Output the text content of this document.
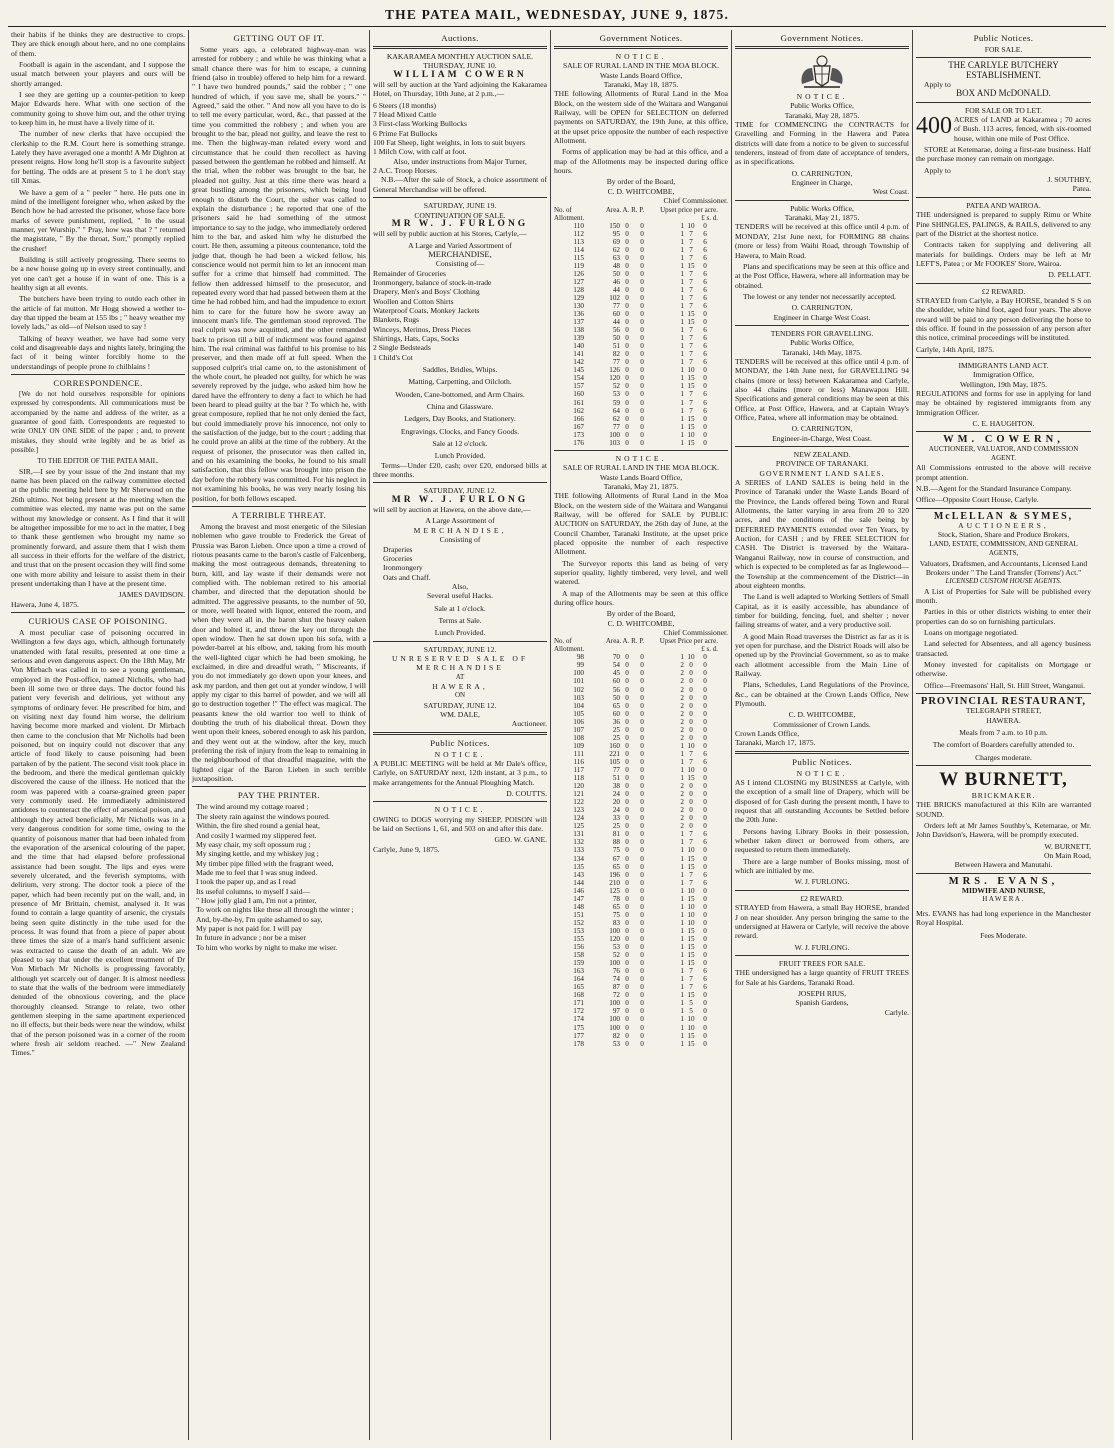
THE PATEA MAIL, WEDNESDAY, JUNE 9, 1875.

their habits if he thinks they are destructive to crops. They are thick enough about here, and no one complains of them.

Football is again in the ascendant, and I suppose the usual match between your players and ours will be shortly arranged.

I see they are getting up a counter-petition to keep Major Edwards here. What with one section of the community going to shove him out, and the other trying to keep him in, he must have a lively time of it.

The number of new clerks that have occupied the clerkship to the R.M. Court here is something strange. Lately they have averaged one a month! A Mr Dighton at present reigns. How long he'll stop is a favourite subject for betting. The odds are at present 5 to 1 he don't stay till Xmas.

We have a gem of a " peeler " here. He puts one in mind of the intelligent foreigner who, when asked by the Bench how he had arrested the prisoner, whose face bore marks of severe punishment, replied, " In the usual manner, yer Wurship." " Pray, how was that ? " returned the magistrate, " By the throat, Sorr," promptly replied the crusher!

Building is still actively progressing. There seems to be a new house going up in every street continually, and yet one can't get a house if in want of one. This is a healthy sign at all events.

The butchers have been trying to outdo each other in the article of fat mutton. Mr Hogg showed a wether to-day that tipped the beam at 155 lbs ; " heavy weather my lovely lads," as old—of Nelson used to say !

Talking of heavy weather, we have had some very cold and disagreeable days and nights lately, bringing the fact of it being winter forcibly home to the understandings of people prone to chilblains !

CORRESPONDENCE.

[We do not hold ourselves responsible for opinions expressed by correspondents. All communications must be accompanied by the name and address of the writer, as a guarantee of good faith. Correspondents are requested to write ONLY ON ONE SIDE of the paper ; and, to prevent mistakes, they should write legibly and be as brief as possible.]

TO THE EDITOR OF THE PATEA MAIL.

SIR,—I see by your issue of the 2nd instant that my name has been placed on the railway committee elected at the public meeting held here by Mr Sherwood on the 26th ultimo. Not being present at the meeting when the committee was elected, my name was put on the same without my knowledge or consent. As I find that it will be altogether impossible for me to act in the matter, I beg to thank these gentlemen who brought my name so prominently forward, and assure them that I wish them all success in their efforts for the welfare of the district, and trust that on the present occasion they will find some one with more ability and leisure to assist them in their present undertaking than I have at the present time.

JAMES DAVIDSON.
Hawera, June 4, 1875.
CURIOUS CASE OF POISONING.

A most peculiar case of poisoning occurred in Wellington a few days ago, which, although fortunately unattended with fatal results, presented at one time a serious and even dangerous aspect. On the 18th May, Mr Von Mirbach was called in to see a young gentleman, employed in the Post-office, named Nicholls, who had been ill some two or three days. The doctor found his patient very feverish and delirious, yet without any symptoms of ordinary fever. He prescribed for him, and on visiting next day found him worse, the delirium having become more marked and violent. Dr Mirbach then came to the conclusion that Mr Nicholls had been poisoned, but on inquiry could not discover that any article of food likely to cause poisoning had been partaken of by the patient. The second visit took place in the bedroom, and there the medical gentleman quickly discovered the cause of the illness. He noticed that the room was papered with a coarse-grained green paper very commonly used. He immediately administered antidotes to counteract the effect of arsenical poison, and although they acted beneficially, Mr Nicholls was in a very dangerous condition for some time, owing to the quantity of poisonous matter that had been inhaled from the evaporation of the arsenical colouring of the paper, and the time that had elapsed before professional assistance had been sought. The lips and eyes were severely ulcerated, and the feverish symptoms, with delirium, very strong. The doctor took a piece of the paper, which had been recently put on the wall, and, in presence of Mr Brittain, chemist, analysed it. It was found to contain a large quantity of arsenic, the crystals being seen quite distinctly in the tube used for the process. It was found that from a piece of paper about three times the size of a man's hand sufficient arsenic was extracted to cause the death of an adult. We are pleased to say that under the excellent treatment of Dr Von Mirbach Mr Nicholls is progressing favorably, although yet scarcely out of danger. It is almost needless to state that the walls of the bedroom were immediately denuded of the obnoxious covering, and the place thoroughly cleansed. Strange to relate, two other gentlemen sleeping in the same apartment experienced no ill effects, but their beds were near the window, whilst that of the person poisoned was in a corner of the room where fresh air seldom reached. —" New Zealand Times."

GETTING OUT OF IT.

Some years ago, a celebrated highway-man was arrested for robbery ; and while he was thinking what a small chance there was for him to escape, a cunning friend (also in trouble) offered to help him for a reward. " I have two hundred pounds," said the robber ; " one hundred of which, if you save me, shall be yours." " Agreed," said the other. " And now all you have to do is to tell me every particular, word, &c., that passed at the time you committed the robbery ; and when you are brought to the bar, plead not guilty, and leave the rest to me. Then the highway-man related every word and circumstance that he could then recollect as having passed between the gentleman he robbed and himself. At the trial, when the robber was brought to the bar, he pleaded not guilty. Just at this time there was heard a great bustling among the prisoners, which being loud enough to disturb the Court, the usher was called to explain the disturbance ; he reported that one of the prisoners said he had something of the utmost importance to say to the judge, who immediately ordered him to the bar, and asked him why he disturbed the court. He then, assuming a piteous countenance, told the judge that, though he had been a wicked fellow, his conscience would not permit him to let an innocent man suffer for a crime that himself had committed. The fellow then addressed himself to the prosecutor, and repeated every word that had passed between them at the time he had robbed him, and had the impudence to extort him to care for the future how he swore away an innocent man's life. The gentleman stood reproved. The real culprit was now acquitted, and the other remanded back to prison till a bill of indictment was found against him. The real criminal was faithful to his promise to his preserver, and then made off at full speed. When the supposed culprit's trial came on, to the astonishment of the whole court, he pleaded not guilty, for which he was severely reproved by the judge, who asked him how he dared have the effrontery to deny a fact to which he had been heard to plead guilty at the bar ? To which he, with great composure, replied that he not only denied the fact, but could immediately prove his innocence, not only to the satisfaction of the judge, but to the court ; adding that he could prove an alibi at the time of the robbery. At the request of prisoner, the prosecutor was then called in, and on his examining the books, he found to his small satisfaction, that this fellow was brought into prison the day before the robbery was committed. For his neglect in not examining his books, he was very nearly losing his position, for both fellows escaped.

A TERRIBLE THREAT.

Among the bravest and most energetic of the Silesian noblemen who gave trouble to Frederick the Great of Prussia was Baron Lieben. Once upon a time a crowd of riotous peasants came to the baron's castle of Falcenberg, making the most outrageous demands, threatening to burn, kill, and lay waste if their demands were not complied with. The nobleman retired to his amorial chamber, and directed that the deputation should be admitted. The aggressive peasants, to the number of 50, or more, well heated with liquor, entered the room, and when they were all in, the baron shut the heavy oaken door and bolted it, and threw the key out through the open window. Then he sat down upon his sofa, with a powder-barrel at his elbow, and, taking from his mouth the well-lighted cigar which he had been smoking, he exclaimed, in dire and dreadful wrath, " Miscreants, if you do not immediately go down upon your knees, and ask my pardon, and then get out at yonder window, I will apply my cigar to this barrel of powder, and we will all go to destruction together !" The effect was magical. The peasants knew the old warrior too well to think of doubting the truth of his diabolical threat. Down they went upon their knees, sobered enough to ask his pardon, and they went out at the window, after the key, much preferring the risk of injury from the leap to remaining in the neighbourhood of that dreadful magazine, with the lighted cigar of the Baron Lieben in such terrible juxtaposition.

PAY THE PRINTER.

The wind around my cottage roared ;

The sleety rain against the windows poured.

Within, the fire shed round a genial heat,

And cosily I warmed my slippered feet.

My easy chair, my soft opossum rug ;

My singing kettle, and my whiskey jug ;

My timber pipe filled with the fragrant weed,

Made me to feel that I was snug indeed.

I took the paper up, and as I read

Its useful columns, to myself I said—

" How jolly glad I am, I'm not a printer,

To work on nights like these all through the winter ;

And, by-the-by, I'm quite ashamed to say,

My paper is not paid for. I will pay

In future in advance ; nor be a miser

To him who works by night to make me wiser.

Auctions.
KAKARAMEA MONTHLY AUCTION SALE.
THURSDAY, JUNE 10.
WILLIAM COWERN

will sell by auction at the Yard adjoining the Kakaramea Hotel, on Thursday, 10th June, at 2 p.m.,—

6 Steers (18 months)
7 Head Mixed Cattle
3 First-class Working Bullocks
6 Prime Fat Bullocks
100 Fat Sheep, light weights, in lots to suit buyers
1 Milch Cow, with calf at foot.
Also, under instructions from Major Turner,
2 A.C. Troop Horses.

N.B.—After the sale of Stock, a choice assortment of General Merchandise will be offered.

SATURDAY, JUNE 19.
CONTINUATION OF SALE.
MR W. J. FURLONG

will sell by public auction at his Stores, Carlyle,—

A Large and Varied Assortment of
MERCHANDISE,
Consisting of—
Remainder of Groceries
Ironmongery, balance of stock-in-trade
Drapery, Men's and Boys' Clothing
Woollen and Cotton Shirts
Waterproof Coats, Monkey Jackets
Blankets, Rugs
Winceys, Merinos, Dress Pieces
Shirtings, Hats, Caps, Socks
2 Single Bedsteads
1 Child's Cot
Saddles, Bridles, Whips.
Matting, Carpetting, and Oilcloth.
Wooden, Cane-bottomed, and Arm Chairs.
China and Glassware.
Ledgers, Day Books, and Stationery.
Engravings, Clocks, and Fancy Goods.
Sale at 12 o'clock.
Lunch Provided.

Terms—Under £20, cash; over £20, endorsed bills at three months.

SATURDAY, JUNE 12.
MR W. J. FURLONG

will sell by auction at Hawera, on the above date,—

A Large Assortment of
MERCHANDISE,
Consisting of
Draperies
Groceries
Ironmongery
Oats and Chaff.
Also,
Several useful Hacks.
Sale at 1 o'clock.
Terms at Sale.
Lunch Provided.
SATURDAY, JUNE 12.
UNRESERVED SALE OF
MERCHANDISE
AT
HAWERA,
ON
SATURDAY, JUNE 12.
WM. DALE,
Auctioneer.
Public Notices.
NOTICE.

A PUBLIC MEETING will be held at Mr Dale's office, Carlyle, on SATURDAY next, 12th instant, at 3 p.m., to make arrangements for the Annual Ploughing Match.

D. COUTTS.
NOTICE.

OWING to DOGS worrying my SHEEP, POISON will be laid on Sections 1, 61, and 503 on and after this date.

GEO. W. GANE.
Carlyle, June 9, 1875.
Government Notices.
NOTICE.
SALE OF RURAL LAND IN THE MOA BLOCK.
Waste Lands Board Office,
Taranaki, May 18, 1875.

THE following Allotments of Rural Land in the Moa Block, on the western side of the Waitara and Wanganui Railway, will be OPEN for SELECTION on deferred payments on SATURDAY, the 19th June, at this office, at the upset price opposite the number of each respective Allotment.

Forms of application may be had at this office, and a map of the Allotments may be inspected during office hours.

By order of the Board,
C. D. WHITCOMBE,
Chief Commissioner.
No. of Allotment.
Area. A. R. P.	Upset price per acre. £ s. d.
110	150 0	0	1 10	0
112	95 0	0	1 7	6
113	69 0	0	1 7	6
114	62 0	0	1 7	6
115	63 0	0	1 7	6
119	48 0	0	1 15	0
126	50 0	0	1 7	6
127	46 0	0	1 7	6
128	44 0	0	1 7	6
129	102 0	0	1 7	6
130	77 0	0	1 7	6
136	60 0	0	1 15	0
137	44 0	0	1 15	0
138	56 0	0	1 7	6
139	50 0	0	1 7	6
140	51 0	0	1 7	6
141	82 0	0	1 7	6
142	77 0	0	1 7	6
145	126 0	0	1 10	0
154	120 0	0	1 15	0
157	52 0	0	1 15	0
160	53 0	0	1 7	6
161	59 0	0	1 7	6
162	64 0	0	1 7	6
166	62 0	0	1 15	0
167	77 0	0	1 15	0
173	100 0	0	1 10	0
176	103 0	0	1 15	0
NOTICE.
SALE OF RURAL LAND IN THE MOA BLOCK.
Waste Lands Board Office,
Taranaki, May 21, 1875.

THE following Allotments of Rural Land in the Moa Block, on the western side of the Waitara and Wanganui Railway, will be offered for SALE by PUBLIC AUCTION on SATURDAY, the 26th day of June, at the Council Chamber, Taranaki Institute, at the upset price placed opposite the number of each respective Allotment.

The Surveyor reports this land as being of very superior quality, lightly timbered, very level, and well watered.

A map of the Allotments may be seen at this office during office hours.

By order of the Board,
C. D. WHITCOMBE,
Chief Commissioner.
No. of Allotment.
Area. A. R. P.	Upset Price per acre. £ s. d.
98	70 0	0	1 10	0
99	54 0	0	2 0	0
100	45 0	0	2 0	0
101	60 0	0	2 0	0
102	56 0	0	2 0	0
103	50 0	0	2 0	0
104	65 0	0	2 0	0
105	60 0	0	2 0	0
106	36 0	0	2 0	0
107	25 0	0	2 0	0
108	25 0	0	2 0	0
109	160 0	0	1 10	0
111	221 0	0	1 7	6
116	105 0	0	1 7	6
117	77 0	0	1 10	0
118	51 0	0	1 15	0
120	38 0	0	2 0	0
121	24 0	0	2 0	0
122	20 0	0	2 0	0
123	24 0	0	2 0	0
124	33 0	0	2 0	0
125	25 0	0	2 0	0
131	81 0	0	1 7	6
132	88 0	0	1 7	6
133	75 0	0	1 10	0
134	67 0	0	1 15	0
135	65 0	0	1 15	0
143	196 0	0	1 7	6
144	210 0	0	1 7	6
146	125 0	0	1 10	0
147	78 0	0	1 15	0
148	65 0	0	1 10	0
151	75 0	0	1 10	0
152	83 0	0	1 10	0
153	100 0	0	1 15	0
155	120 0	0	1 15	0
156	53 0	0	1 15	0
158	52 0	0	1 15	0
159	100 0	0	1 15	0
163	76 0	0	1 7	6
164	74 0	0	1 7	6
165	87 0	0	1 7	6
168	72 0	0	1 15	0
171	100 0	0	1 5	0
172	97 0	0	1 5	0
174	100 0	0	1 10	0
175	100 0	0	1 10	0
177	82 0	0	1 15	0
178	53 0	0	1 15	0
Government Notices.
NOTICE.
Public Works Office,
Taranaki, May 28, 1875.

TIME for COMMENCING the CONTRACTS for Gravelling and Forming in the Hawera and Patea districts will date from a notice to be given to successful tenderers, instead of from date of acceptance of tenders, as in specifications.

O. CARRINGTON,
Engineer in Charge,
West Coast.
Public Works Office,
Taranaki, May 21, 1875.

TENDERS will be received at this office until 4 p.m. of MONDAY, 21st June next, for FORMING 88 chains (more or less) from Waihi Road, through Township of Hawera, to Main Road.

Plans and specifications may be seen at this office and at the Post Office, Hawera, where all information may be obtained.

The lowest or any tender not necessarily accepted.

O. CARRINGTON,
Engineer in Charge West Coast.
TENDERS FOR GRAVELLING.
Public Works Office,
Taranaki, 14th May, 1875.

TENDERS will be received at this office until 4 p.m. of MONDAY, the 14th June next, for GRAVELLING 94 chains (more or less) between Kakaramea and Carlyle, also 44 chains (more or less) Manawapou Hill. Specifications and general conditions may be seen at this Office, at Post Office, Hawera, and at Captain Wray's Office, Patea, where all information may be obtained.

O. CARRINGTON,
Engineer-in-Charge, West Coast.
NEW ZEALAND.
PROVINCE OF TARANAKI.
GOVERNMENT LAND SALES.

A SERIES of LAND SALES is being held in the Province of Taranaki under the Waste Lands Board of the Province, the Lands offered being Town and Rural Allotments, the latter varying in area from 20 to 320 acres, and the conditions of the sale being by DEFERRED PAYMENTS extended over Ten Years, by Auction, for CASH ; and by FREE SELECTION for CASH. The District is traversed by the Waitara-Wanganui Railway, now in course of construction, and which is expected to be completed as far as Inglewood—the Township at the commencement of the District—in about eighteen months.

The Land is well adapted to Working Settlers of Small Capital, as it is easily accessible, has abundance of timber for building, fencing, fuel, and shelter ; never failing streams of water, and a very productive soil.

A good Main Road traverses the District as far as it is yet open for purchase, and the District Roads will also be opened up by the Provincial Government, so as to make each allotment accessible from the Main Line of Railway.

Plans, Schedules, Land Regulations of the Province, &c., can be obtained at the Crown Lands Office, New Plymouth.

C. D. WHITCOMBE,
Commissioner of Crown Lands.
Crown Lands Office,
Taranaki, March 17, 1875.
Public Notices.
NOTICE.

AS I intend CLOSING my BUSINESS at Carlyle, with the exception of a small line of Drapery, which will be disposed of for Cash during the present month, I have to request that all outstanding Accounts be Settled before the 20th June.

Persons having Library Books in their possession, whether taken direct or borrowed from others, are requested to return them immediately.

There are a large number of Books missing, most of which are initialed by me.

W. J. FURLONG.
£2 REWARD.

STRAYED from Hawera, a small Bay HORSE, branded J on near shoulder. Any person bringing the same to the undersigned at Hawera or Carlyle, will receive the above reward.

W. J. FURLONG.
FRUIT TREES FOR SALE.

THE undersigned has a large quantity of FRUIT TREES for Sale at his Gardens, Taranaki Road.

JOSEPH RIUS,
Spanish Gardens,
Carlyle.
Public Notices.
FOR SALE.
THE CARLYLE BUTCHERY ESTABLISHMENT.
Apply to
BOX AND McDONALD.
FOR SALE OR TO LET.

400 ACRES of LAND at Kakaramea ; 70 acres of Bush. 113 acres, fenced, with six-roomed house, within one mile of Post Office.

STORE at Ketemarae, doing a first-rate business. Half the purchase money can remain on mortgage.

Apply to
J. SOUTHBY,
Patea.
PATEA AND WAIROA.

THE undersigned is prepared to supply Rimu or White Pine SHINGLES, PALINGS, & RAILS, delivered to any part of the District at the shortest notice.

Contracts taken for supplying and delivering all materials for buildings. Orders may be left at Mr LEFT'S, Patea ; or Mr FOOKES' Store, Wairoa.

D. PELLATT.
£2 REWARD.

STRAYED from Carlyle, a Bay HORSE, branded S S on the shoulder, white hind foot, aged four years. The above reward will be paid to any person delivering the horse to this office. If found in the possession of any person after this notice, criminal proceedings will be instituted.

Carlyle, 14th April, 1875.
IMMIGRANTS LAND ACT.
Immigration Office,
Wellington, 19th May, 1875.

REGULATIONS and forms for use in applying for land may be obtained by registered immigrants from any Immigration Officer.

C. E. HAUGHTON.
WM. COWERN,
AUCTIONEER, VALUATOR, AND COMMISSION AGENT.

All Commissions entrusted to the above will receive prompt attention.

N.B.—Agent for the Standard Insurance Company.

Office—Opposite Court House, Carlyle.

McLELLAN & SYMES,
AUCTIONEERS,
Stock, Station, Share and Produce Brokers,
LAND, ESTATE, COMMISSION, AND GENERAL AGENTS,
Valuators, Draftsmen, and Accountants, Licensed Land Brokers under " The Land Transfer (Torrens') Act."
LICENSED CUSTOM HOUSE AGENTS.

A List of Properties for Sale will be published every month.

Parties in this or other districts wishing to enter their properties can do so on furnishing particulars.

Loans on mortgage negotiated.

Land selected for Absentees, and all agency business transacted.

Money invested for capitalists on Mortgage or otherwise.

Office—Freemasons' Hall, St. Hill Street, Wanganui.

PROVINCIAL RESTAURANT,
TELEGRAPH STREET,
HAWERA.
Meals from 7 a.m. to 10 p.m.
The comfort of Boarders carefully attended to.
Charges moderate.
W BURNETT,
BRICKMAKER.

THE BRICKS manufactured at this Kiln are warranted SOUND.

Orders left at Mr James Southby's, Ketemarae, or Mr. John Davidson's, Hawera, will be promptly executed.

W. BURNETT,
On Main Road,
Between Hawera and Manutahi.
MRS. EVANS,
MIDWIFE AND NURSE,
HAWERA.

Mrs. EVANS has had long experience in the Manchester Royal Hospital.

Fees Moderate.
